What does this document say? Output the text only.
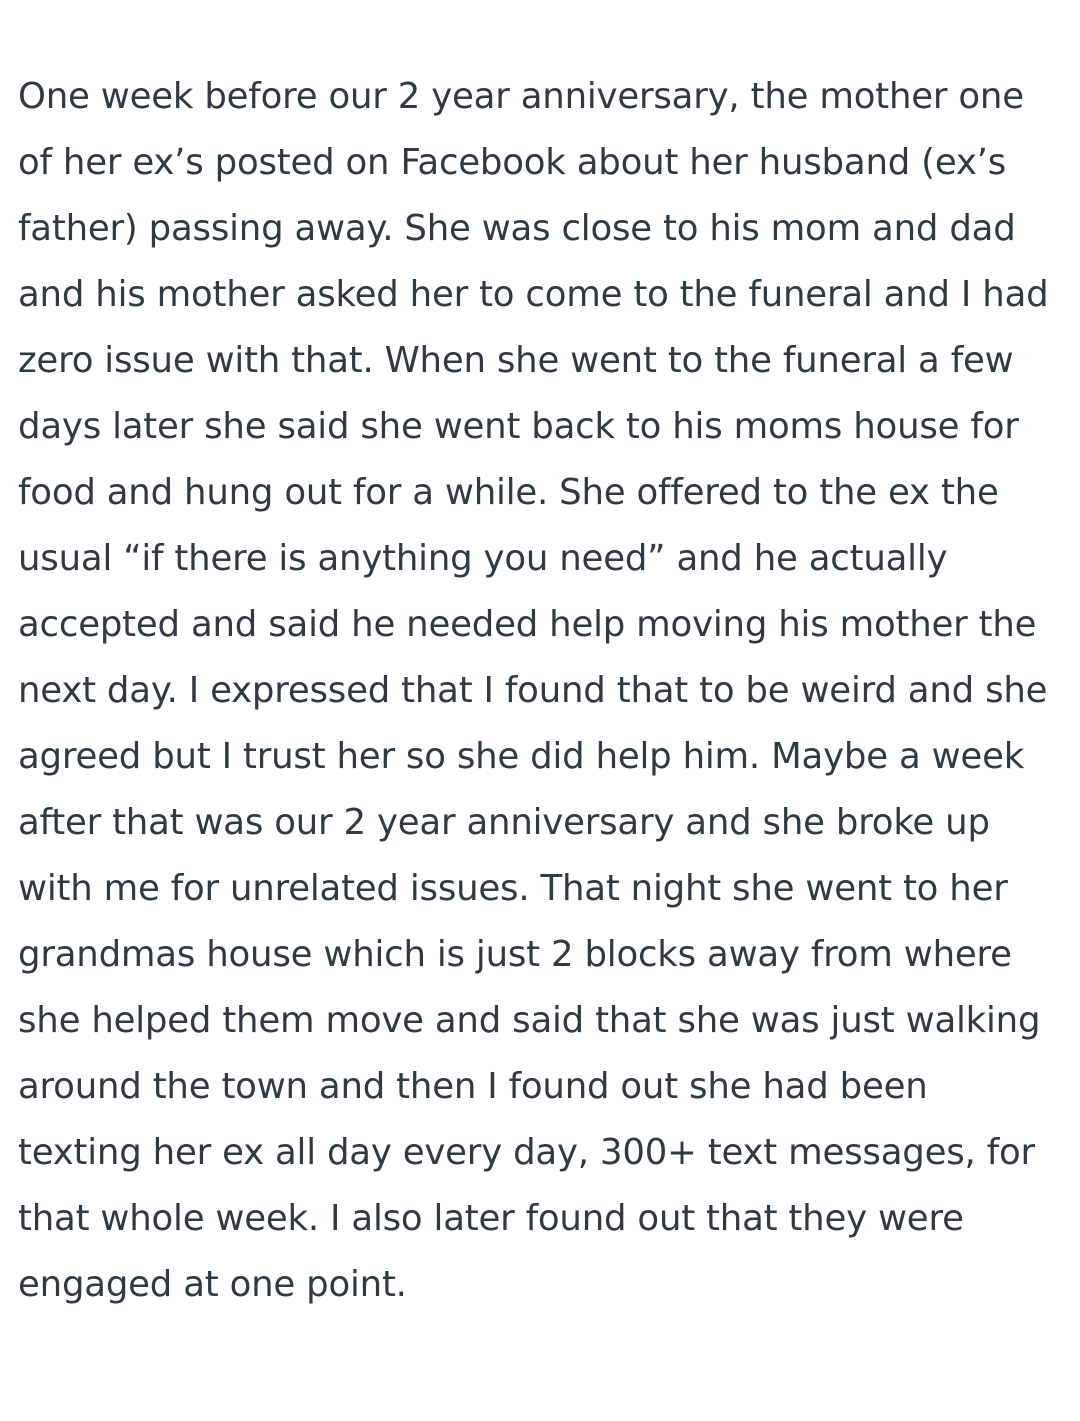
One week before our 2 year anniversary, the mother one of her ex’s posted on Facebook about her husband (ex’s father) passing away. She was close to his mom and dad and his mother asked her to come to the funeral and I had zero issue with that. When she went to the funeral a few days later she said she went back to his moms house for food and hung out for a while. She offered to the ex the usual “if there is anything you need” and he actually accepted and said he needed help moving his mother the next day. I expressed that I found that to be weird and she agreed but I trust her so she did help him. Maybe a week after that was our 2 year anniversary and she broke up with me for unrelated issues. That night she went to her grandmas house which is just 2 blocks away from where she helped them move and said that she was just walking around the town and then I found out she had been texting her ex all day every day, 300+ text messages, for that whole week. I also later found out that they were engaged at one point.
